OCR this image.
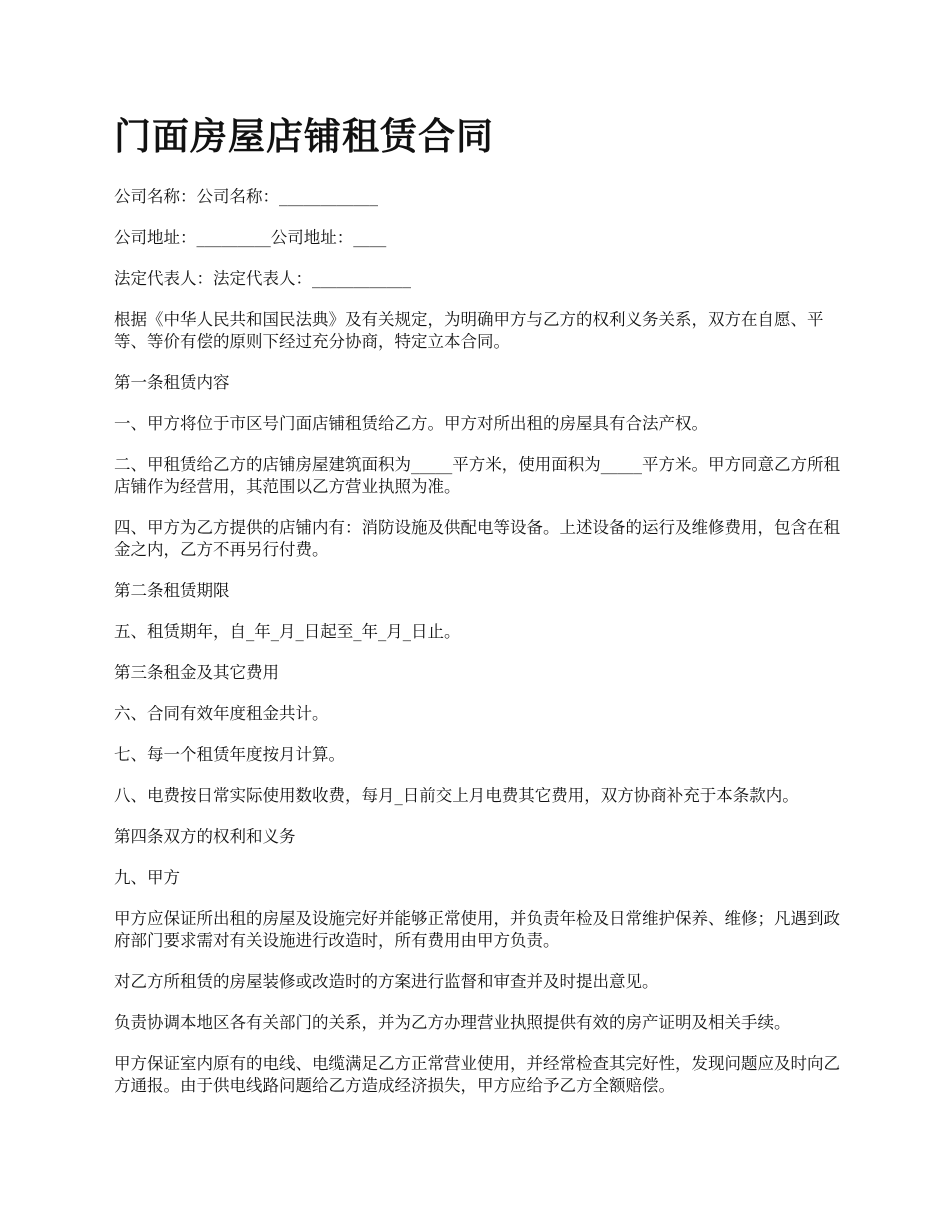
门面房屋店铺租赁合同

公司名称：公司名称：____________

公司地址：_________公司地址：____

法定代表人：法定代表人：____________

根据《中华人民共和国民法典》及有关规定，为明确甲方与乙方的权利义务关系，双方在自愿、平等、等价有偿的原则下经过充分协商，特定立本合同。

第一条租赁内容

一、甲方将位于市区号门面店铺租赁给乙方。甲方对所出租的房屋具有合法产权。

二、甲租赁给乙方的店铺房屋建筑面积为_____平方米，使用面积为_____平方米。甲方同意乙方所租店铺作为经营用，其范围以乙方营业执照为准。

四、甲方为乙方提供的店铺内有：消防设施及供配电等设备。上述设备的运行及维修费用，包含在租金之内，乙方不再另行付费。

第二条租赁期限

五、租赁期年，自_年_月_日起至_年_月_日止。

第三条租金及其它费用

六、合同有效年度租金共计。

七、每一个租赁年度按月计算。

八、电费按日常实际使用数收费，每月_日前交上月电费其它费用，双方协商补充于本条款内。

第四条双方的权利和义务

九、甲方

甲方应保证所出租的房屋及设施完好并能够正常使用，并负责年检及日常维护保养、维修；凡遇到政府部门要求需对有关设施进行改造时，所有费用由甲方负责。

对乙方所租赁的房屋装修或改造时的方案进行监督和审查并及时提出意见。

负责协调本地区各有关部门的关系，并为乙方办理营业执照提供有效的房产证明及相关手续。

甲方保证室内原有的电线、电缆满足乙方正常营业使用，并经常检查其完好性，发现问题应及时向乙方通报。由于供电线路问题给乙方造成经济损失，甲方应给予乙方全额赔偿。
